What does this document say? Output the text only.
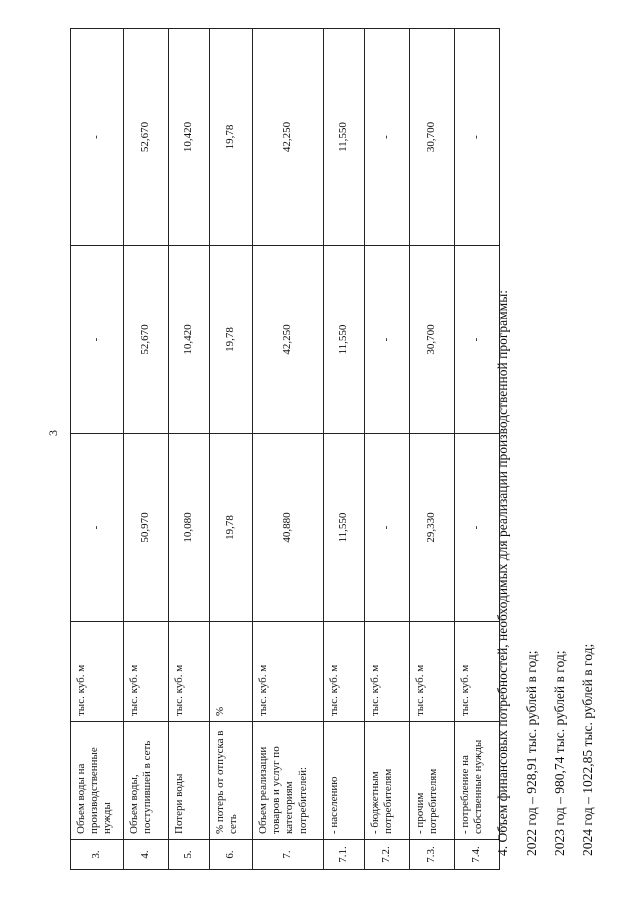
3
3.	Объем воды на производственные нужды	тыс. куб. м	-	-	-
4.	Объем воды, поступившей в сеть	тыс. куб. м	50,970	52,670	52,670
5.	Потери воды	тыс. куб. м	10,080	10,420	10,420
6.	% потерь от отпуска в сеть	%	19,78	19,78	19,78
7.	Объем реализации товаров и услуг по категориям потребителей:	тыс. куб. м	40,880	42,250	42,250
7.1.	- населению	тыс. куб. м	11,550	11,550	11,550
7.2.	- бюджетным потребителям	тыс. куб. м	-	-	-
7.3.	- прочим потребителям	тыс. куб. м	29,330	30,700	30,700
7.4.	- потребление на собственные нужды	тыс. куб. м	-	-	-
4. Объем финансовых потребностей, необходимых для реализации производственной программы: 2022 год – 928,91 тыс. рублей в год; 2023 год – 980,74 тыс. рублей в год; 2024 год – 1022,85 тыс. рублей в год;
